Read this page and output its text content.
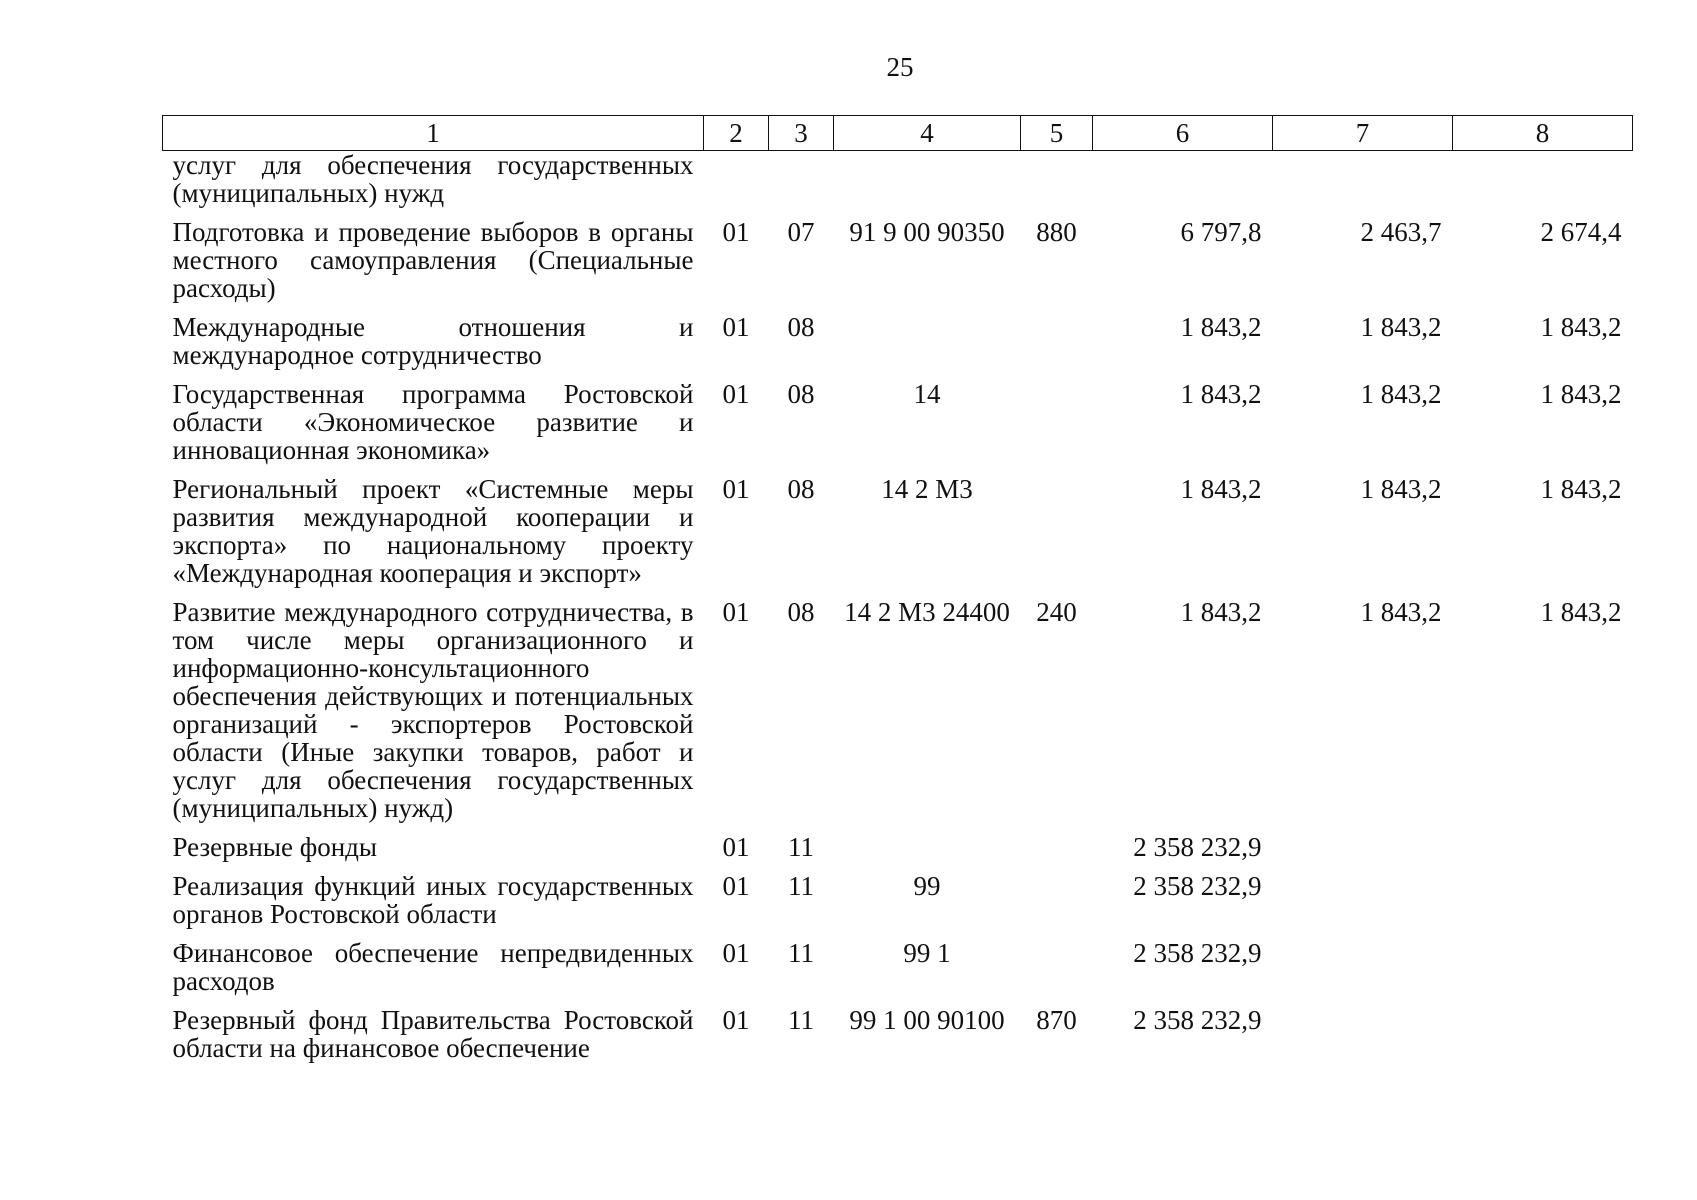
25
1	2	3	4	5	6	7	8
услуг для обеспечения государственных (муниципальных) нужд							
Подготовка и проведение выборов в органы местного самоуправления (Специальные расходы)	01	07	91 9 00 90350	880	6 797,8	2 463,7	2 674,4
Международные отношения и международное сотрудничество	01	08			1 843,2	1 843,2	1 843,2
Государственная программа Ростовской области «Экономическое развитие и инновационная экономика»	01	08	14		1 843,2	1 843,2	1 843,2
Региональный проект «Системные меры развития международной кооперации и экспорта» по национальному проекту «Международная кооперация и экспорт»	01	08	14 2 М3		1 843,2	1 843,2	1 843,2
Развитие международного сотрудничества, в том числе меры организационного и информационно-консультационного обеспечения действующих и потенциальных организаций - экспортеров Ростовской области (Иные закупки товаров, работ и услуг для обеспечения государственных (муниципальных) нужд)	01	08	14 2 М3 24400	240	1 843,2	1 843,2	1 843,2
Резервные фонды	01	11			2 358 232,9		
Реализация функций иных государственных органов Ростовской области	01	11	99		2 358 232,9		
Финансовое обеспечение непредвиденных расходов	01	11	99 1		2 358 232,9		
Резервный фонд Правительства Ростовской области на финансовое обеспечение	01	11	99 1 00 90100	870	2 358 232,9		
